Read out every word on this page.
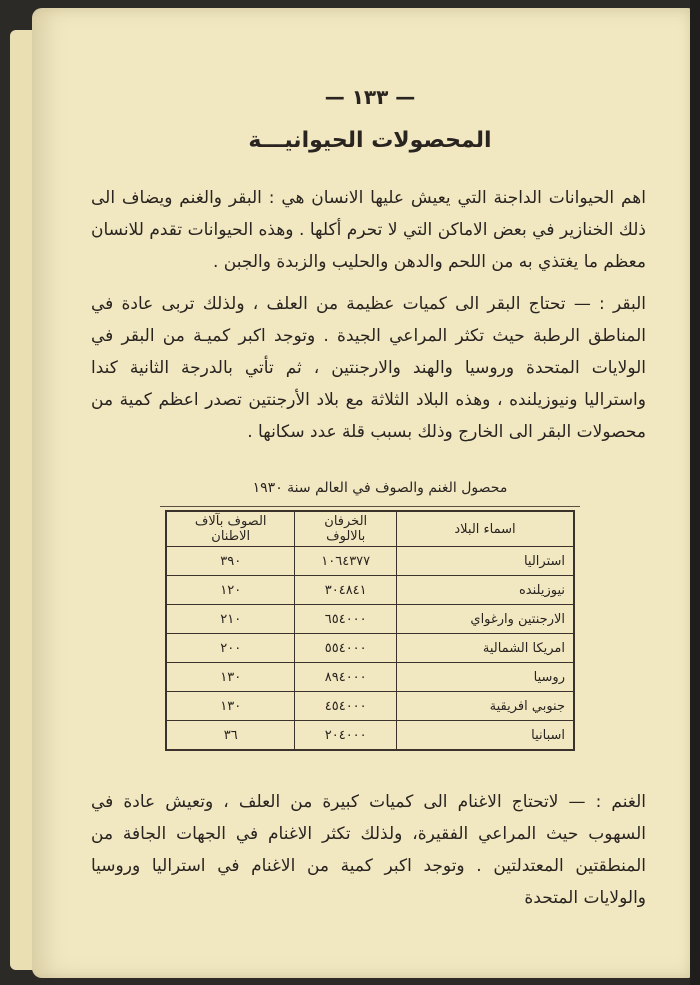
— ١٣٣ —
المحصولات الحيوانيـــة
اهم الحيوانات الداجنة التي يعيش عليها الانسان هي : البقر والغنم ويضاف الى ذلك الخنازير في بعض الاماكن التي لا تحرم أكلها . وهذه الحيوانات تقدم للانسان معظم ما يغتذي به من اللحم والدهن والحليب والزبدة والجبن .
البقر : — تحتاج البقر الى كميات عظيمة من العلف ، ولذلك تربى عادة في المناطق الرطبة حيث تكثر المراعي الجيدة . وتوجد اكبر كميـة من البقر في الولايات المتحدة وروسيا والهند والارجنتين ، ثم تأتي بالدرجة الثانية كندا واستراليا ونيوزيلنده ، وهذه البلاد الثلاثة مع بلاد الأرجنتين تصدر اعظم كمية من محصولات البقر الى الخارج وذلك بسبب قلة عدد سكانها .
محصول الغنم والصوف في العالم سنة ١٩٣٠
اسماء البلاد	الخرفان بالالوف	الصوف بآلاف الاطنان
استراليا	١٠٦٤٣٧٧	٣٩٠
نيوزيلنده	٣٠٤٨٤١	١٢٠
الارجنتين وارغواي	٦٥٤٠٠٠	٢١٠
امريكا الشمالية	٥٥٤٠٠٠	٢٠٠
روسيا	٨٩٤٠٠٠	١٣٠
جنوبي افريقية	٤٥٤٠٠٠	١٣٠
اسبانيا	٢٠٤٠٠٠	٣٦
الغنم : — لاتحتاج الاغنام الى كميات كبيرة من العلف ، وتعيش عادة في السهوب حيث المراعي الفقيرة، ولذلك تكثر الاغنام في الجهات الجافة من المنطقتين المعتدلتين . وتوجد اكبر كمية من الاغنام في استراليا وروسيا والولايات المتحدة
